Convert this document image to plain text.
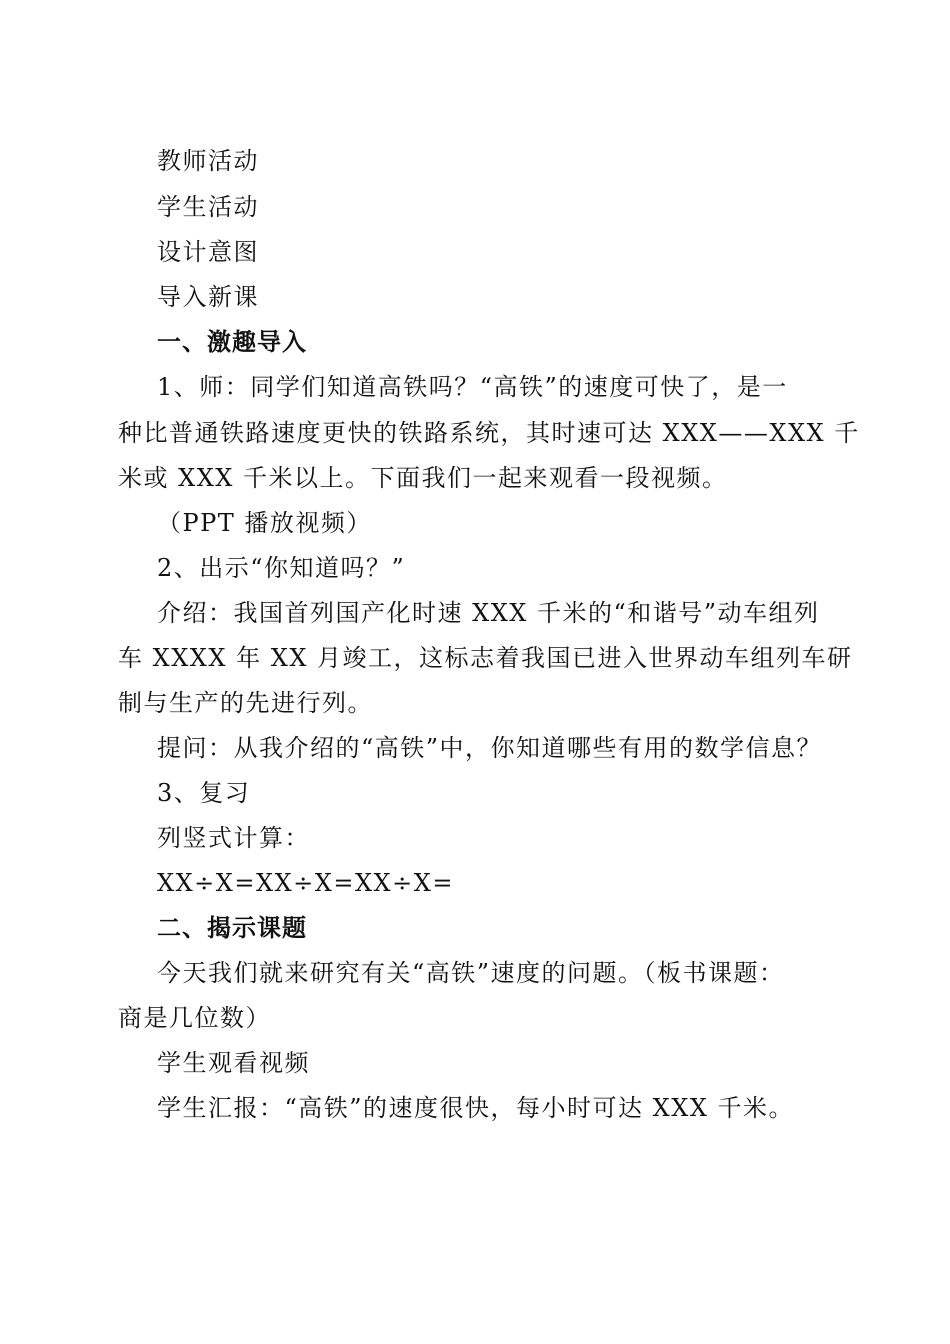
教师活动
学生活动
设计意图
导入新课
一、激趣导入
1、师：同学们知道高铁吗？“高铁”的速度可快了，是一
种比普通铁路速度更快的铁路系统，其时速可达 XXX——XXX 千
米或 XXX 千米以上。下面我们一起来观看一段视频。
（PPT 播放视频）
2、出示“你知道吗？”
介绍：我国首列国产化时速 XXX 千米的“和谐号”动车组列
车 XXXX 年 XX 月竣工，这标志着我国已进入世界动车组列车研
制与生产的先进行列。
提问：从我介绍的“高铁”中，你知道哪些有用的数学信息？
3、复习
列竖式计算：
XX÷X=XX÷X=XX÷X=
二、揭示课题
今天我们就来研究有关“高铁”速度的问题。（板书课题：
商是几位数）
学生观看视频
学生汇报：“高铁”的速度很快，每小时可达 XXX 千米。
